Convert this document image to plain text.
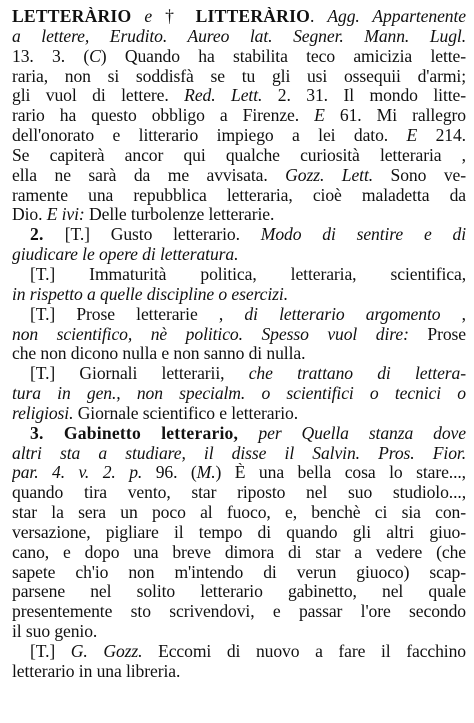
LETTERÀRIO e † LITTERÀRIO. Agg. Appartenente
a lettere, Erudito. Aureo lat. Segner. Mann. Lugl.
13. 3. (C) Quando ha stabilita teco amicizia lette-
raria, non si soddisfà se tu gli usi ossequii d'armi;
gli vuol di lettere. Red. Lett. 2. 31. Il mondo litte-
rario ha questo obbligo a Firenze. E 61. Mi rallegro
dell'onorato e litterario impiego a lei dato. E 214.
Se capiterà ancor qui qualche curiosità letteraria ,
ella ne sarà da me avvisata. Gozz. Lett. Sono ve-
ramente una repubblica letteraria, cioè maladetta da
Dio. E ivi: Delle turbolenze letterarie.
2. [T.] Gusto letterario. Modo di sentire e di
giudicare le opere di letteratura.
[T.] Immaturità politica, letteraria, scientifica,
in rispetto a quelle discipline o esercizi.
[T.] Prose letterarie , di letterario argomento ,
non scientifico, nè politico. Spesso vuol dire: Prose
che non dicono nulla e non sanno di nulla.
[T.] Giornali letterarii, che trattano di lettera-
tura in gen., non specialm. o scientifici o tecnici o
religiosi. Giornale scientifico e letterario.
3. Gabinetto letterario, per Quella stanza dove
altri sta a studiare, il disse il Salvin. Pros. Fior.
par. 4. v. 2. p. 96. (M.) È una bella cosa lo stare...,
quando tira vento, star riposto nel suo studiolo...,
star la sera un poco al fuoco, e, benchè ci sia con-
versazione, pigliare il tempo di quando gli altri giuo-
cano, e dopo una breve dimora di star a vedere (che
sapete ch'io non m'intendo di verun giuoco) scap-
parsene nel solito letterario gabinetto, nel quale
presentemente sto scrivendovi, e passar l'ore secondo
il suo genio.
[T.] G. Gozz. Eccomi di nuovo a fare il facchino
letterario in una libreria.
